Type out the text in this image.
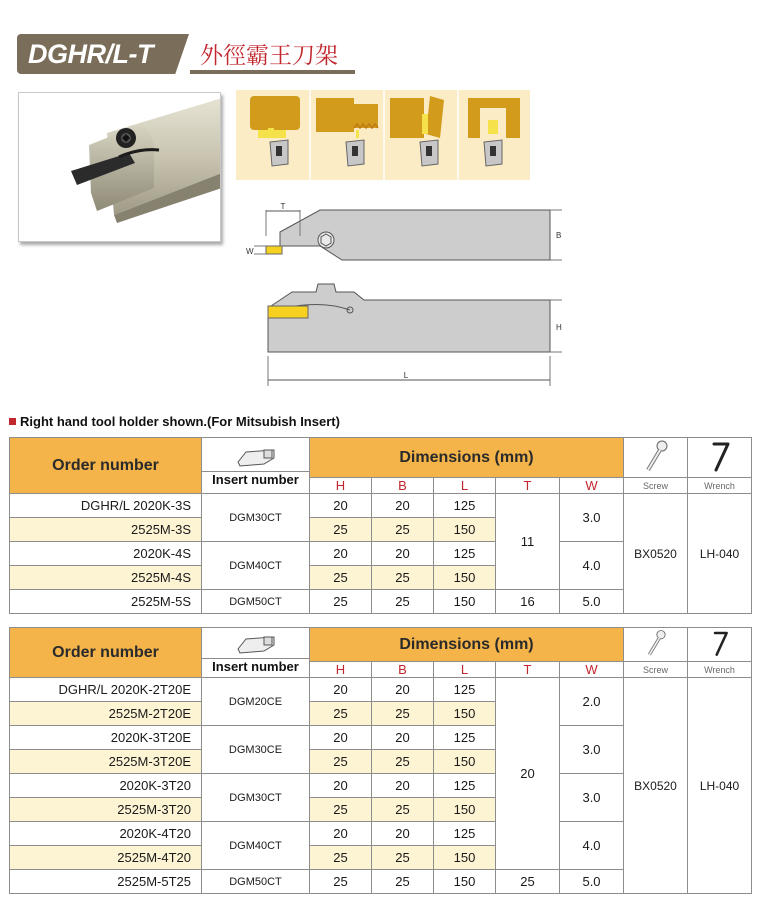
DGHR/L-T 外徑霸王刀架
T
W
B
H
L
Right hand tool holder shown.(For Mitsubish Insert)
Order number	Insert number	Dimensions (mm)		
		H	B	L	T	W	Screw	Wrench
DGHR/L 2020K-3S	DGM30CT	20	20	125	11	3.0	BX0520	LH-040
2525M-3S		25	25	150				
2020K-4S	DGM40CT	20	20	125		4.0		
2525M-4S		25	25	150				
2525M-5S	DGM50CT	25	25	150	16	5.0		
Order number	Insert number	Dimensions (mm)		
		H	B	L	T	W	Screw	Wrench
DGHR/L 2020K-2T20E	DGM20CE	20	20	125	20	2.0	BX0520	LH-040
2525M-2T20E		25	25	150				
2020K-3T20E	DGM30CE	20	20	125		3.0		
2525M-3T20E		25	25	150				
2020K-3T20	DGM30CT	20	20	125		3.0		
2525M-3T20		25	25	150				
2020K-4T20	DGM40CT	20	20	125		4.0		
2525M-4T20		25	25	150				
2525M-5T25	DGM50CT	25	25	150	25	5.0		
